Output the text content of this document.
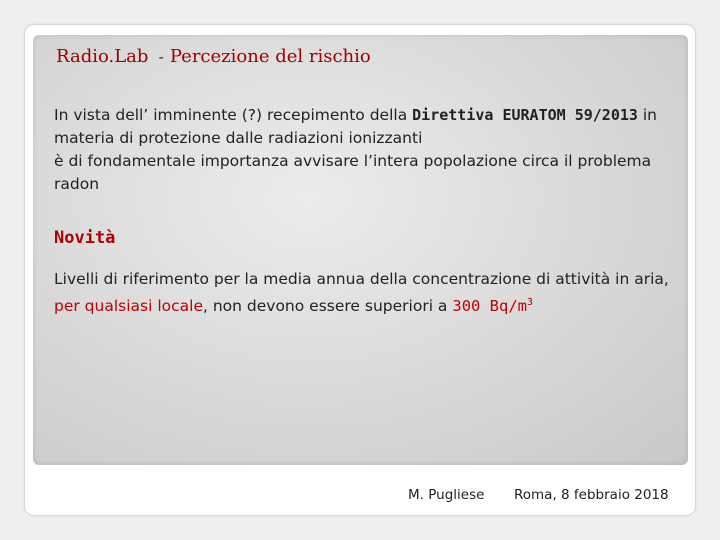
Radio.Lab - Percezione del rischio
In vista dell’ imminente (?) recepimento della Direttiva EURATOM 59/2013 in materia di protezione dalle radiazioni ionizzanti
è di fondamentale importanza avvisare l’intera popolazione circa il problema radon
Novità
Livelli di riferimento per la media annua della concentrazione di attività in aria, per qualsiasi locale, non devono essere superiori a 300 $Bq/m^3$
M. Pugliese Roma, 8 febbraio 2018
